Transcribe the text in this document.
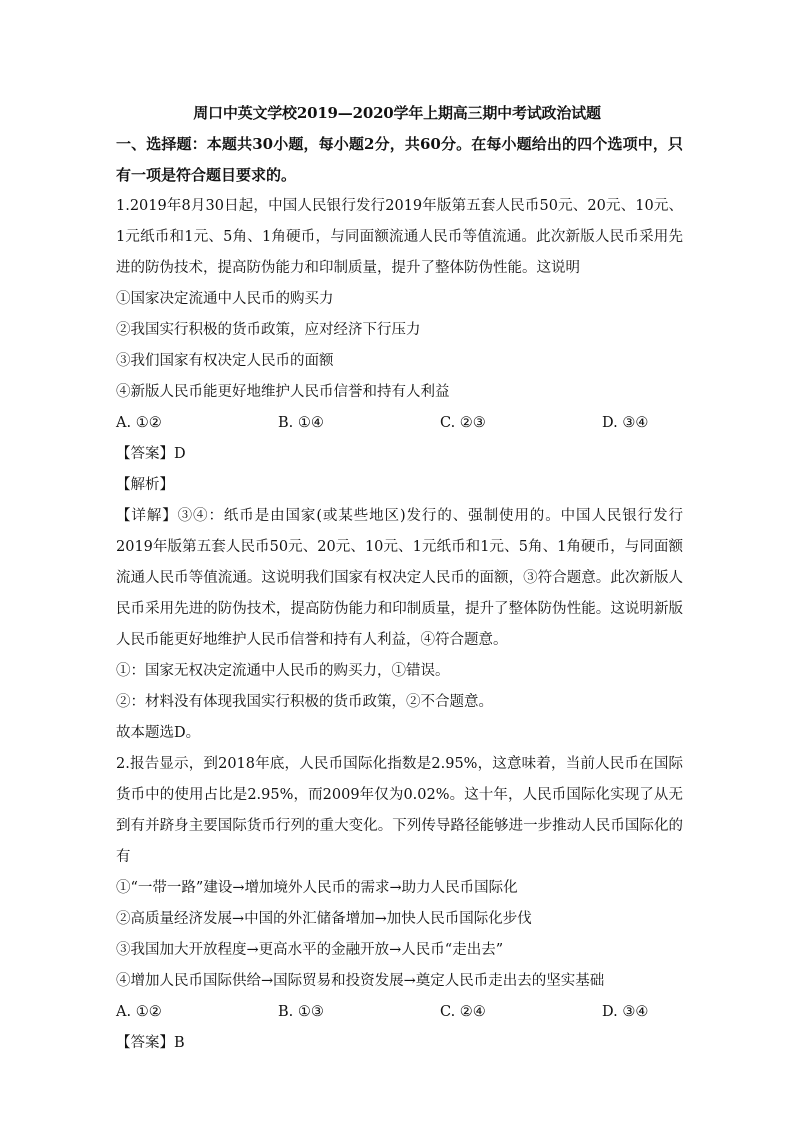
周口中英文学校2019—2020学年上期高三期中考试政治试题

一、选择题：本题共30小题，每小题2分，共60分。在每小题给出的四个选项中，只有一项是符合题目要求的。

1.2019年8月30日起，中国人民银行发行2019年版第五套人民币50元、20元、10元、1元纸币和1元、5角、1角硬币，与同面额流通人民币等值流通。此次新版人民币采用先进的防伪技术，提高防伪能力和印制质量，提升了整体防伪性能。这说明

①国家决定流通中人民币的购买力

②我国实行积极的货币政策，应对经济下行压力

③我们国家有权决定人民币的面额

④新版人民币能更好地维护人民币信誉和持有人利益

A. ①②	B. ①④	C. ②③	D. ③④

【答案】D

【解析】

【详解】③④：纸币是由国家(或某些地区)发行的、强制使用的。中国人民银行发行2019年版第五套人民币50元、20元、10元、1元纸币和1元、5角、1角硬币，与同面额流通人民币等值流通。这说明我们国家有权决定人民币的面额，③符合题意。此次新版人民币采用先进的防伪技术，提高防伪能力和印制质量，提升了整体防伪性能。这说明新版人民币能更好地维护人民币信誉和持有人利益，④符合题意。

①：国家无权决定流通中人民币的购买力，①错误。

②：材料没有体现我国实行积极的货币政策，②不合题意。

故本题选D。

2.报告显示，到2018年底，人民币国际化指数是2.95%，这意味着，当前人民币在国际货币中的使用占比是2.95%，而2009年仅为0.02%。这十年，人民币国际化实现了从无到有并跻身主要国际货币行列的重大变化。下列传导路径能够进一步推动人民币国际化的有

①“一带一路”建设→增加境外人民币的需求→助力人民币国际化

②高质量经济发展→中国的外汇储备增加→加快人民币国际化步伐

③我国加大开放程度→更高水平的金融开放→人民币“走出去”

④增加人民币国际供给→国际贸易和投资发展→奠定人民币走出去的坚实基础

A. ①②	B. ①③	C. ②④	D. ③④

【答案】B
